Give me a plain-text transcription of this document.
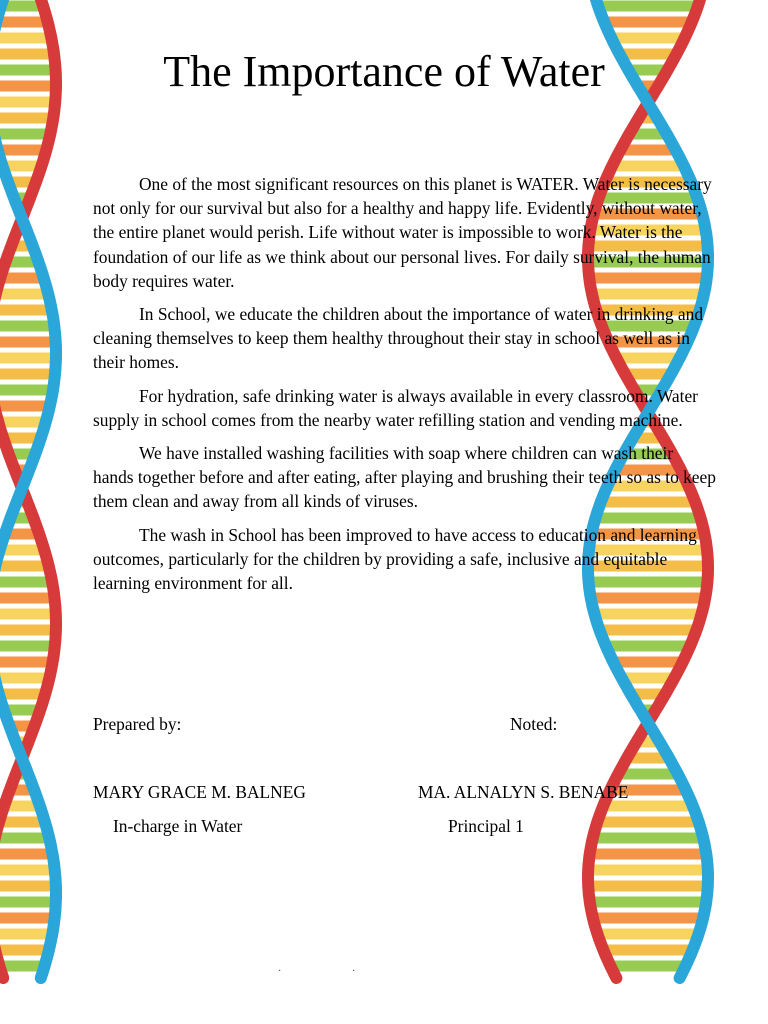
The Importance of Water

One of the most significant resources on this planet is WATER. Water is necessary not only for our survival but also for a healthy and happy life. Evidently, without water, the entire planet would perish. Life without water is impossible to work. Water is the foundation of our life as we think about our personal lives. For daily survival, the human body requires water.

In School, we educate the children about the importance of water in drinking and cleaning themselves to keep them healthy throughout their stay in school as well as in their homes.

For hydration, safe drinking water is always available in every classroom. Water supply in school comes from the nearby water refilling station and vending machine.

We have installed washing facilities with soap where children can wash their hands together before and after eating, after playing and brushing their teeth so as to keep them clean and away from all kinds of viruses.

The wash in School has been improved to have access to education and learning outcomes, particularly for the children by providing a safe, inclusive and equitable learning environment for all.

Prepared by:	Noted:
MARY GRACE M. BALNEG	MA. ALNALYN S. BENABE
In-charge in Water	Principal 1
·	·
